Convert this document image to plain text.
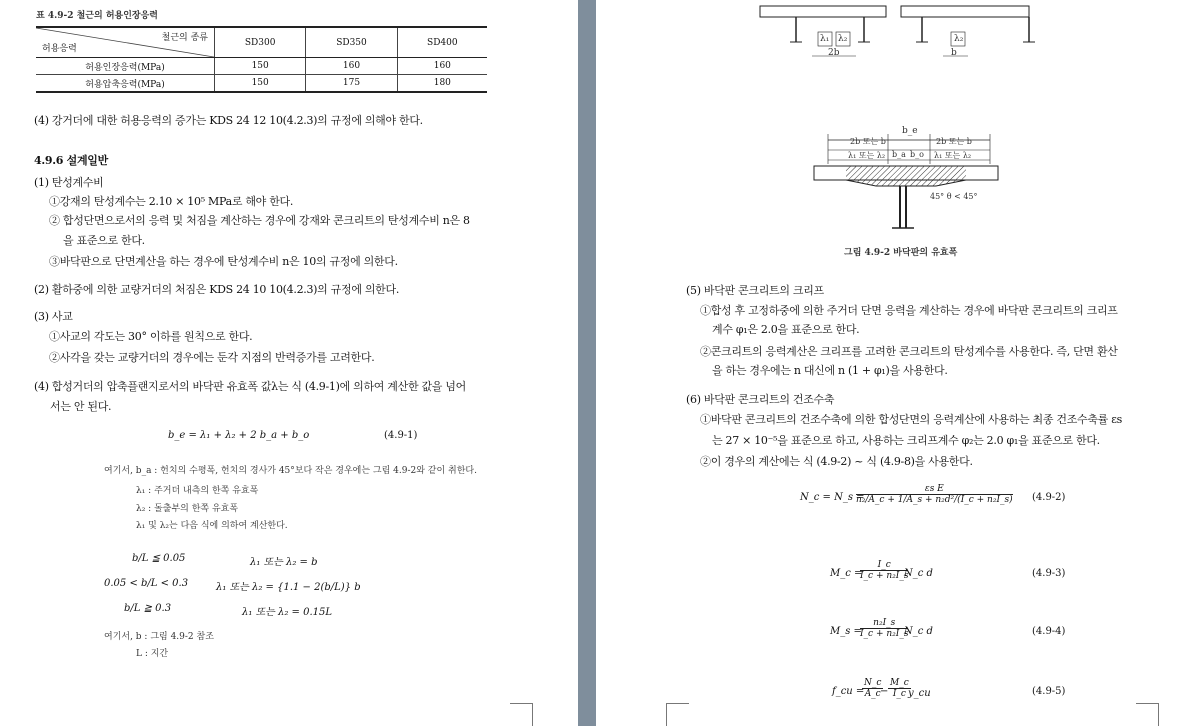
표 4.9-2 철근의 허용인장응력
철근의 종류
허용응력	SD300	SD350	SD400
허용인장응력(MPa)	150	160	160
허용압축응력(MPa)	150	175	180
(4) 강거더에 대한 허용응력의 증가는 KDS 24 12 10(4.2.3)의 규정에 의해야 한다.
4.9.6 설계일반
(1) 탄성계수비
①강재의 탄성계수는 2.10 × 10⁵ MPa로 해야 한다.
② 합성단면으로서의 응력 및 처짐을 계산하는 경우에 강재와 콘크리트의 탄성계수비 n은 8
을 표준으로 한다.
③바닥판으로 단면계산을 하는 경우에 탄성계수비 n은 10의 규정에 의한다.
(2) 활하중에 의한 교량거더의 처짐은 KDS 24 10 10(4.2.3)의 규정에 의한다.
(3) 사교
①사교의 각도는 30° 이하를 원칙으로 한다.
②사각을 갖는 교량거더의 경우에는 둔각 지점의 반력증가를 고려한다.
(4) 합성거더의 압축플랜지로서의 바닥판 유효폭 값λ는 식 (4.9-1)에 의하여 계산한 값을 넘어
서는 안 된다.
b_e = λ₁ + λ₂ + 2 b_a + b_o	(4.9-1)
여기서, b_a : 헌치의 수평폭, 헌치의 경사가 45°보다 작은 경우에는 그림 4.9-2와 같이 취한다.
λ₁ : 주거더 내측의 한쪽 유효폭
λ₂ : 돌출부의 한쪽 유효폭
λ₁ 및 λ₂는 다음 식에 의하여 계산한다.
b/L ≦ 0.05	λ₁ 또는 λ₂ = b
0.05 < b/L < 0.3	λ₁ 또는 λ₂ = {1.1 − 2(b/L)} b
b/L ≧ 0.3	λ₁ 또는 λ₂ = 0.15L
여기서, b : 그림 4.9-2 참조
L : 지간
λ₁ λ₂
2b
λ₂
b
b_e
2b 또는 b	2b 또는 b
λ₁ 또는 λ₂	λ₁ 또는 λ₂
b_a b_o
45° θ < 45°
그림 4.9-2 바닥판의 유효폭
(5) 바닥판 콘크리트의 크리프
①합성 후 고정하중에 의한 주거더 단면 응력을 계산하는 경우에 바닥판 콘크리트의 크리프
계수 φ₁은 2.0을 표준으로 한다.
②콘크리트의 응력계산은 크리프를 고려한 콘크리트의 탄성계수를 사용한다. 즉, 단면 환산
을 하는 경우에는 n 대신에 n (1 + φ₁)을 사용한다.
(6) 바닥판 콘크리트의 건조수축
①바닥판 콘크리트의 건조수축에 의한 합성단면의 응력계산에 사용하는 최종 건조수축률 εs
는 27 × 10⁻⁵을 표준으로 하고, 사용하는 크리프계수 φ₂는 2.0 φ₁을 표준으로 한다.
②이 경우의 계산에는 식 (4.9-2) ~ 식 (4.9-8)을 사용한다.
N_c = N_s =
$\frac{\text{εs E}}{\text{n₂/A\_c + 1/A\_s + n₂d²/(I\_c + n₂I\_s)}} (4.9-2)$
M_c =
$\frac{I\_c}{\text{I\_c + n₂I\_s}}$
N_c d	(4.9-3)
M_s =
$\frac{\text{n₂I\_s}}{\text{I\_c + n₂I\_s}}$
N_c d	(4.9-4)
f_cu =
$\frac{N\_c}{A\_c}$
− $\frac{M\_c}{I\_c}$
y_cu	(4.9-5)
